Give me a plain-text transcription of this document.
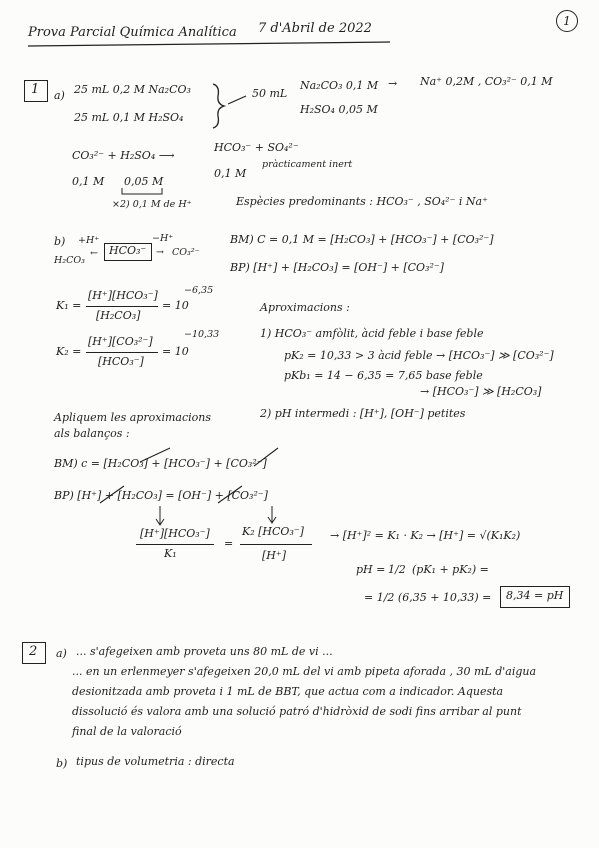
Prova Parcial Química Analítica 7 d'Abril de 2022	1
1 a) 25 mL 0,2 M Na₂CO₃
25 mL 0,1 M H₂SO₄
50 mL
Na₂CO₃ 0,1 M
H₂SO₄ 0,05 M
→ Na⁺ 0,2M , CO₃²⁻ 0,1 M
CO₃²⁻ + H₂SO₄ ⟶
HCO₃⁻ + SO₄²⁻
0,1 M 0,05 M
0,1 M
pràcticament inert
×2) 0,1 M de H⁺	Espècies predominants : HCO₃⁻ , SO₄²⁻ i Na⁺
b)
H₂CO₃
+H⁺
← HCO₃⁻
−H⁺
→ CO₃²⁻
BM) C = 0,1 M = [H₂CO₃] + [HCO₃⁻] + [CO₃²⁻]
BP) [H⁺] + [H₂CO₃] = [OH⁻] + [CO₃²⁻]
K₁ =
[H⁺][HCO₃⁻]
[H₂CO₃]
= 10
−6,35
K₂ =
[H⁺][CO₃²⁻]
[HCO₃⁻]
= 10
−10,33
Aproximacions :
1) HCO₃⁻ amfòlit, àcid feble i base feble
pK₂ = 10,33 > 3 àcid feble → [HCO₃⁻] ≫ [CO₃²⁻]
pKb₁ = 14 − 6,35 = 7,65 base feble
→ [HCO₃⁻] ≫ [H₂CO₃]
2) pH intermedi : [H⁺], [OH⁻] petites
Apliquem les aproximacions
als balanços :
BM) c = [H₂CO₃] + [HCO₃⁻] + [CO₃²⁻]
BP) [H⁺] + [H₂CO₃] = [OH⁻] + [CO₃²⁻]
[H⁺][HCO₃⁻]
K₁
=
K₂ [HCO₃⁻]
[H⁺]
→ [H⁺]² = K₁ · K₂ → [H⁺] = √(K₁K₂)
pH = 1/2 (pK₁ + pK₂) =
= 1/2 (6,35 + 10,33) = 8,34 = pH
2 a) ... s'afegeixen amb proveta uns 80 mL de vi ...
... en un erlenmeyer s'afegeixen 20,0 mL del vi amb pipeta aforada , 30 mL d'aigua
desionitzada amb proveta i 1 mL de BBT, que actua com a indicador. Aquesta
dissolució és valora amb una solució patró d'hidròxid de sodi fins arribar al punt
final de la valoració
b) tipus de volumetria : directa
